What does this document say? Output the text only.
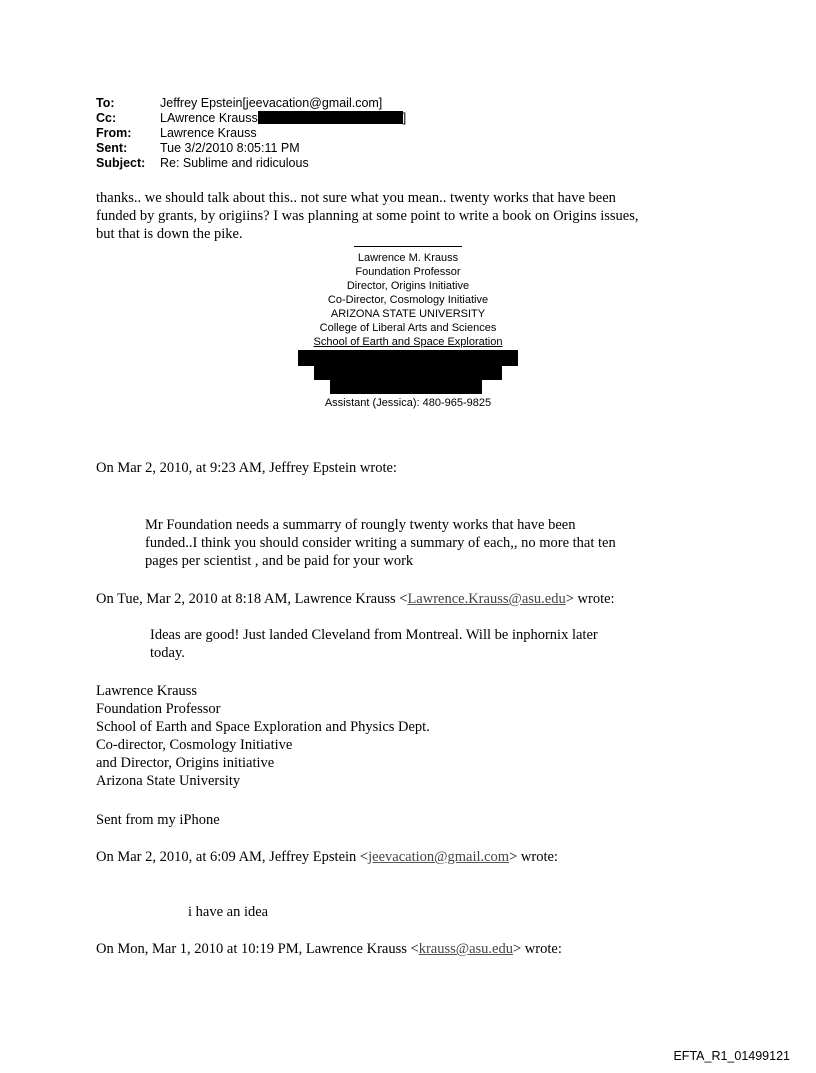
To:	Jeffrey Epstein[jeevacation@gmail.com]
Cc:	LAwrence Krauss	]
From:	Lawrence Krauss
Sent:	Tue 3/2/2010 8:05:11 PM
Subject:	Re: Sublime and ridiculous
thanks.. we should talk about this.. not sure what you mean.. twenty works that have been
funded by grants, by origiins? I was planning at some point to write a book on Origins issues,
but that is down the pike.
Lawrence M. Krauss
Foundation Professor
Director, Origins Initiative
Co-Director, Cosmology Initiative
ARIZONA STATE UNIVERSITY
College of Liberal Arts and Sciences
School of Earth and Space Exploration
Assistant (Jessica): 480-965-9825
On Mar 2, 2010, at 9:23 AM, Jeffrey Epstein wrote:
Mr Foundation needs a summarry of roungly twenty works that have been
funded..I think you should consider writing a summary of each,, no more that ten
pages per scientist , and be paid for your work
On Tue, Mar 2, 2010 at 8:18 AM, Lawrence Krauss <Lawrence.Krauss@asu.edu> wrote:
Ideas are good! Just landed Cleveland from Montreal. Will be inphornix later
today.
Lawrence Krauss
Foundation Professor
School of Earth and Space Exploration and Physics Dept.
Co-director, Cosmology Initiative
and Director, Origins initiative
Arizona State University
Sent from my iPhone
On Mar 2, 2010, at 6:09 AM, Jeffrey Epstein <jeevacation@gmail.com> wrote:
i have an idea
On Mon, Mar 1, 2010 at 10:19 PM, Lawrence Krauss <krauss@asu.edu> wrote:
EFTA_R1_01499121
